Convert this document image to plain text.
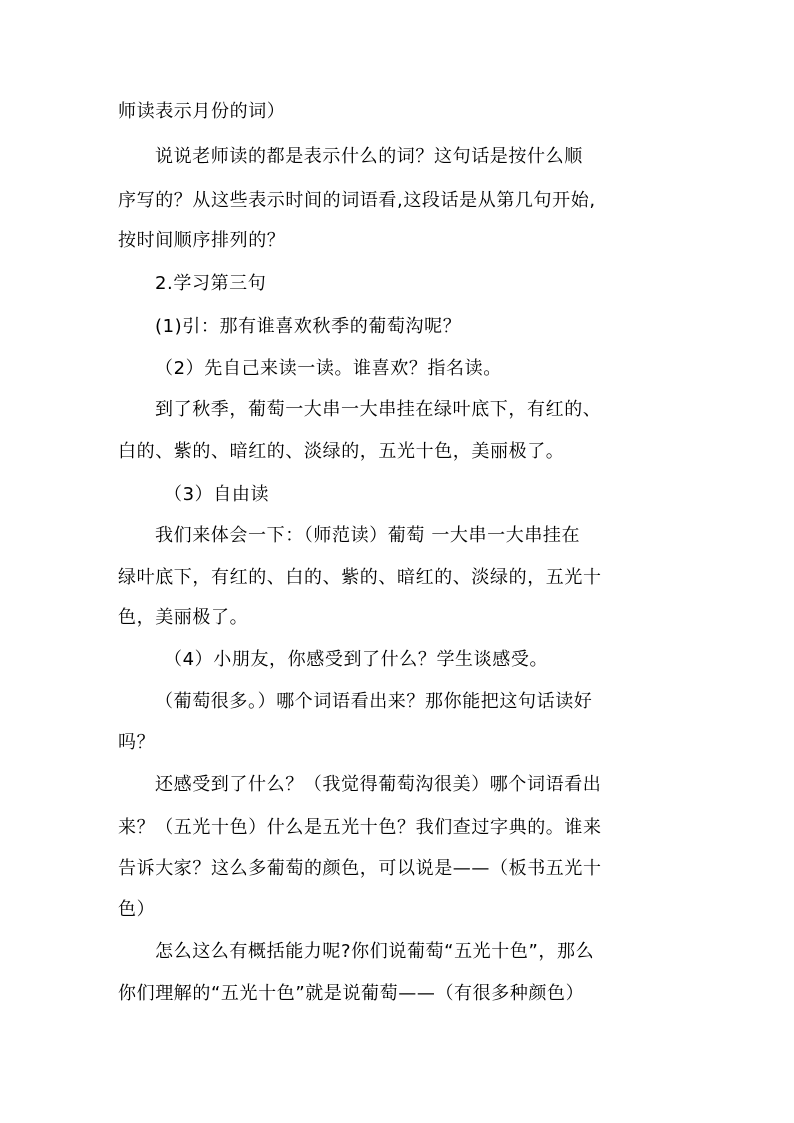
师读表示月份的词）
说说老师读的都是表示什么的词？这句话是按什么顺
序写的？从这些表示时间的词语看,这段话是从第几句开始,
按时间顺序排列的？
2.学习第三句
(1)引：那有谁喜欢秋季的葡萄沟呢？
（2）先自己来读一读。谁喜欢？指名读。
到了秋季，葡萄一大串一大串挂在绿叶底下，有红的、
白的、紫的、暗红的、淡绿的，五光十色，美丽极了。
（3）自由读
我们来体会一下：（师范读）葡萄 一大串一大串挂在
绿叶底下，有红的、白的、紫的、暗红的、淡绿的，五光十
色，美丽极了。
（4）小朋友，你感受到了什么？学生谈感受。
（葡萄很多。）哪个词语看出来？那你能把这句话读好
吗？
还感受到了什么？（我觉得葡萄沟很美）哪个词语看出
来？（五光十色）什么是五光十色？我们查过字典的。谁来
告诉大家？这么多葡萄的颜色，可以说是——（板书五光十
色）
怎么这么有概括能力呢?你们说葡萄“五光十色”，那么
你们理解的“五光十色”就是说葡萄——（有很多种颜色）
